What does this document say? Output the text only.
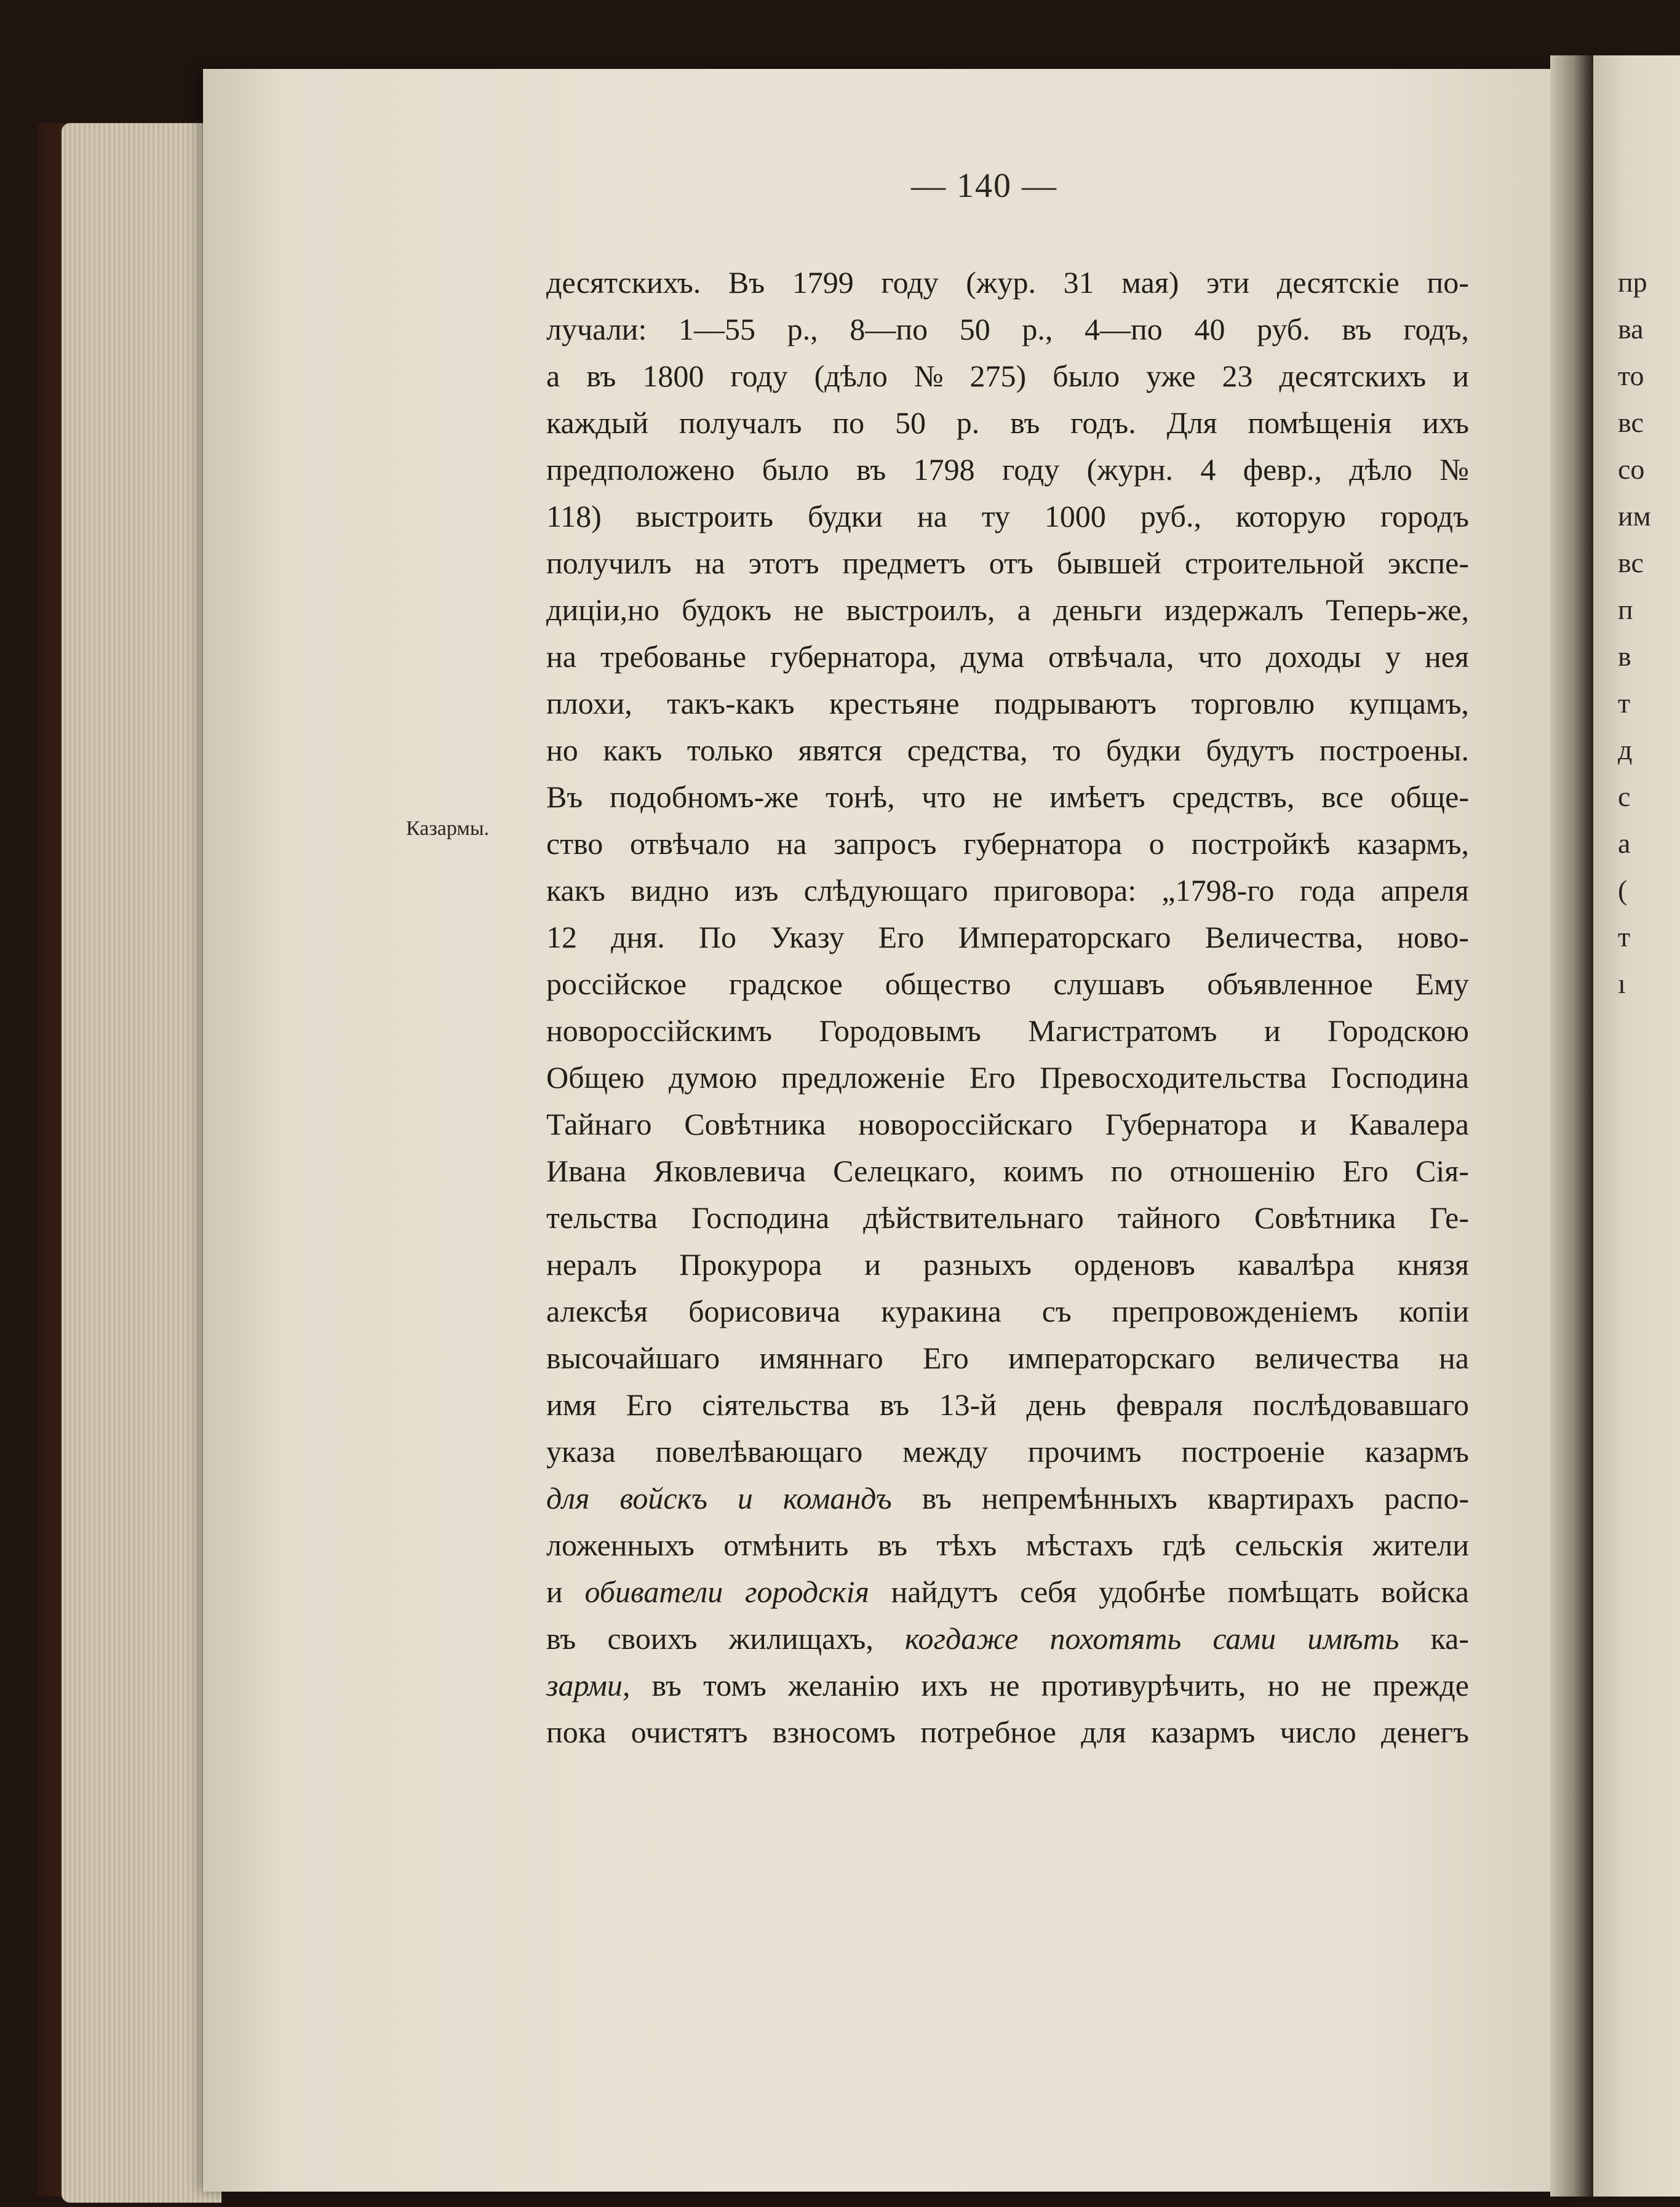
— 140 —
Казармы.
десятскихъ. Въ 1799 году (жур. 31 мая) эти десятскіе по-
лучали: 1—55 р., 8—по 50 р., 4—по 40 руб. въ годъ,
а въ 1800 году (дѣло № 275) было уже 23 десятскихъ и
каждый получалъ по 50 р. въ годъ. Для помѣщенія ихъ
предположено было въ 1798 году (журн. 4 февр., дѣло №
118) выстроить будки на ту 1000 руб., которую городъ
получилъ на этотъ предметъ отъ бывшей строительной экспе-
диціи,но будокъ не выстроилъ, а деньги издержалъ Теперь-же,
на требованье губернатора, дума отвѣчала, что доходы у нея
плохи, такъ-какъ крестьяне подрываютъ торговлю купцамъ,
но какъ только явятся средства, то будки будутъ построены.
Въ подобномъ-же тонѣ, что не имѣетъ средствъ, все обще-
ство отвѣчало на запросъ губернатора о постройкѣ казармъ,
какъ видно изъ слѣдующаго приговора: „1798-го года апреля
12 дня. По Указу Его Императорскаго Величества, ново-
россійское градское общество слушавъ объявленное Ему
новороссійскимъ Городовымъ Магистратомъ и Городскою
Общею думою предложеніе Его Превосходительства Господина
Тайнаго Совѣтника новороссійскаго Губернатора и Кавалера
Ивана Яковлевича Селецкаго, коимъ по отношенію Его Сія-
тельства Господина дѣйствительнаго тайного Совѣтника Ге-
нералъ Прокурора и разныхъ орденовъ кавалѣра князя
алексѣя борисовича куракина съ препровожденіемъ копіи
высочайшаго имяннаго Его императорскаго величества на
имя Его сіятельства въ 13-й день февраля послѣдовавшаго
указа повелѣвающаго между прочимъ построеніе казармъ
для войскъ и командъ въ непремѣнныхъ квартирахъ распо-
ложенныхъ отмѣнить въ тѣхъ мѣстахъ гдѣ сельскія жители
и обиватели городскія найдутъ себя удобнѣе помѣщать войска
въ своихъ жилищахъ, когдаже похотять сами имѣть ка-
зарми, въ томъ желанію ихъ не противурѣчить, но не прежде
пока очистятъ взносомъ потребное для казармъ число денегъ
пр
ва
то
вс
со
им
вс
п
в
т
д
с
а
(
т
ı
